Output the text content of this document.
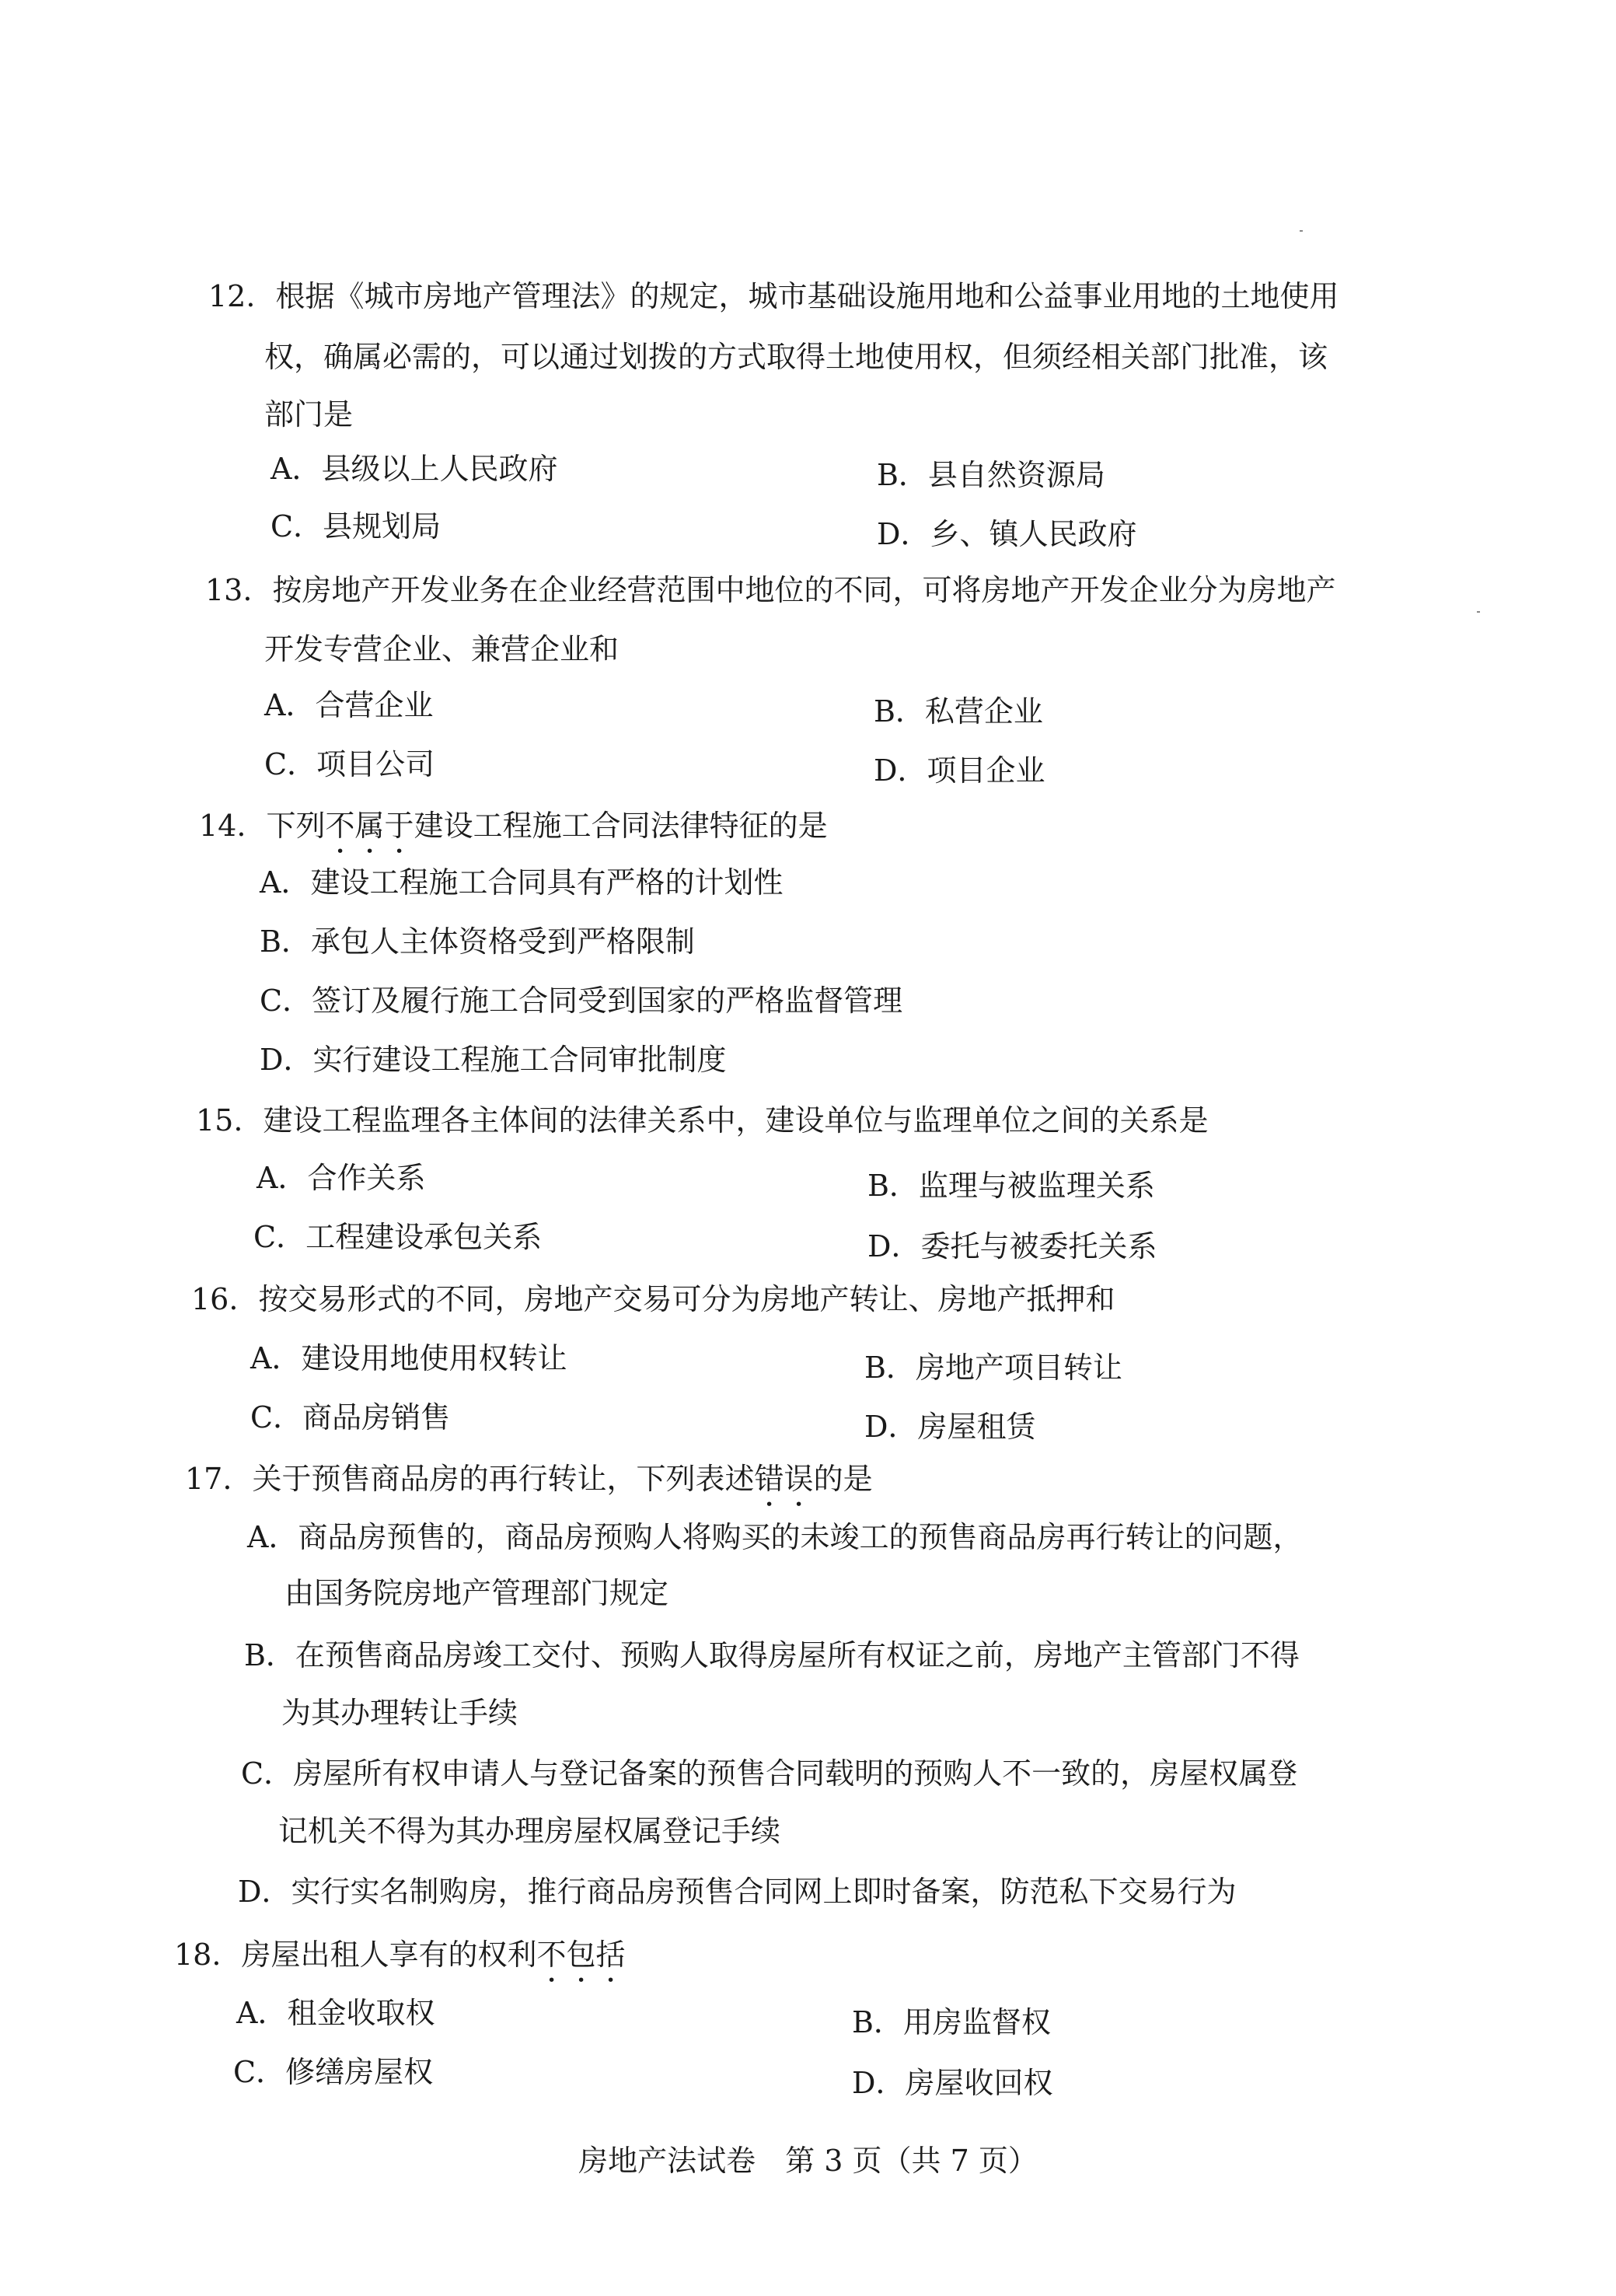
12. 根据《城市房地产管理法》的规定，城市基础设施用地和公益事业用地的土地使用
权，确属必需的，可以通过划拨的方式取得土地使用权，但须经相关部门批准，该
部门是
A．县级以上人民政府	B．县自然资源局
C．县规划局	D．乡、镇人民政府
13. 按房地产开发业务在企业经营范围中地位的不同，可将房地产开发企业分为房地产
开发专营企业、兼营企业和
A．合营企业	B．私营企业
C．项目公司	D．项目企业
14. 下列不属于建设工程施工合同法律特征的是
A．建设工程施工合同具有严格的计划性
B．承包人主体资格受到严格限制
C．签订及履行施工合同受到国家的严格监督管理
D．实行建设工程施工合同审批制度
15. 建设工程监理各主体间的法律关系中，建设单位与监理单位之间的关系是
A．合作关系	B．监理与被监理关系
C．工程建设承包关系	D．委托与被委托关系
16. 按交易形式的不同，房地产交易可分为房地产转让、房地产抵押和
A．建设用地使用权转让	B．房地产项目转让
C．商品房销售	D．房屋租赁
17. 关于预售商品房的再行转让，下列表述错误的是
A．商品房预售的，商品房预购人将购买的未竣工的预售商品房再行转让的问题，
由国务院房地产管理部门规定
B．在预售商品房竣工交付、预购人取得房屋所有权证之前，房地产主管部门不得
为其办理转让手续
C．房屋所有权申请人与登记备案的预售合同载明的预购人不一致的，房屋权属登
记机关不得为其办理房屋权属登记手续
D．实行实名制购房，推行商品房预售合同网上即时备案，防范私下交易行为
18. 房屋出租人享有的权利不包括
A．租金收取权	B．用房监督权
C．修缮房屋权	D．房屋收回权
房地产法试卷　第 3 页（共 7 页）
